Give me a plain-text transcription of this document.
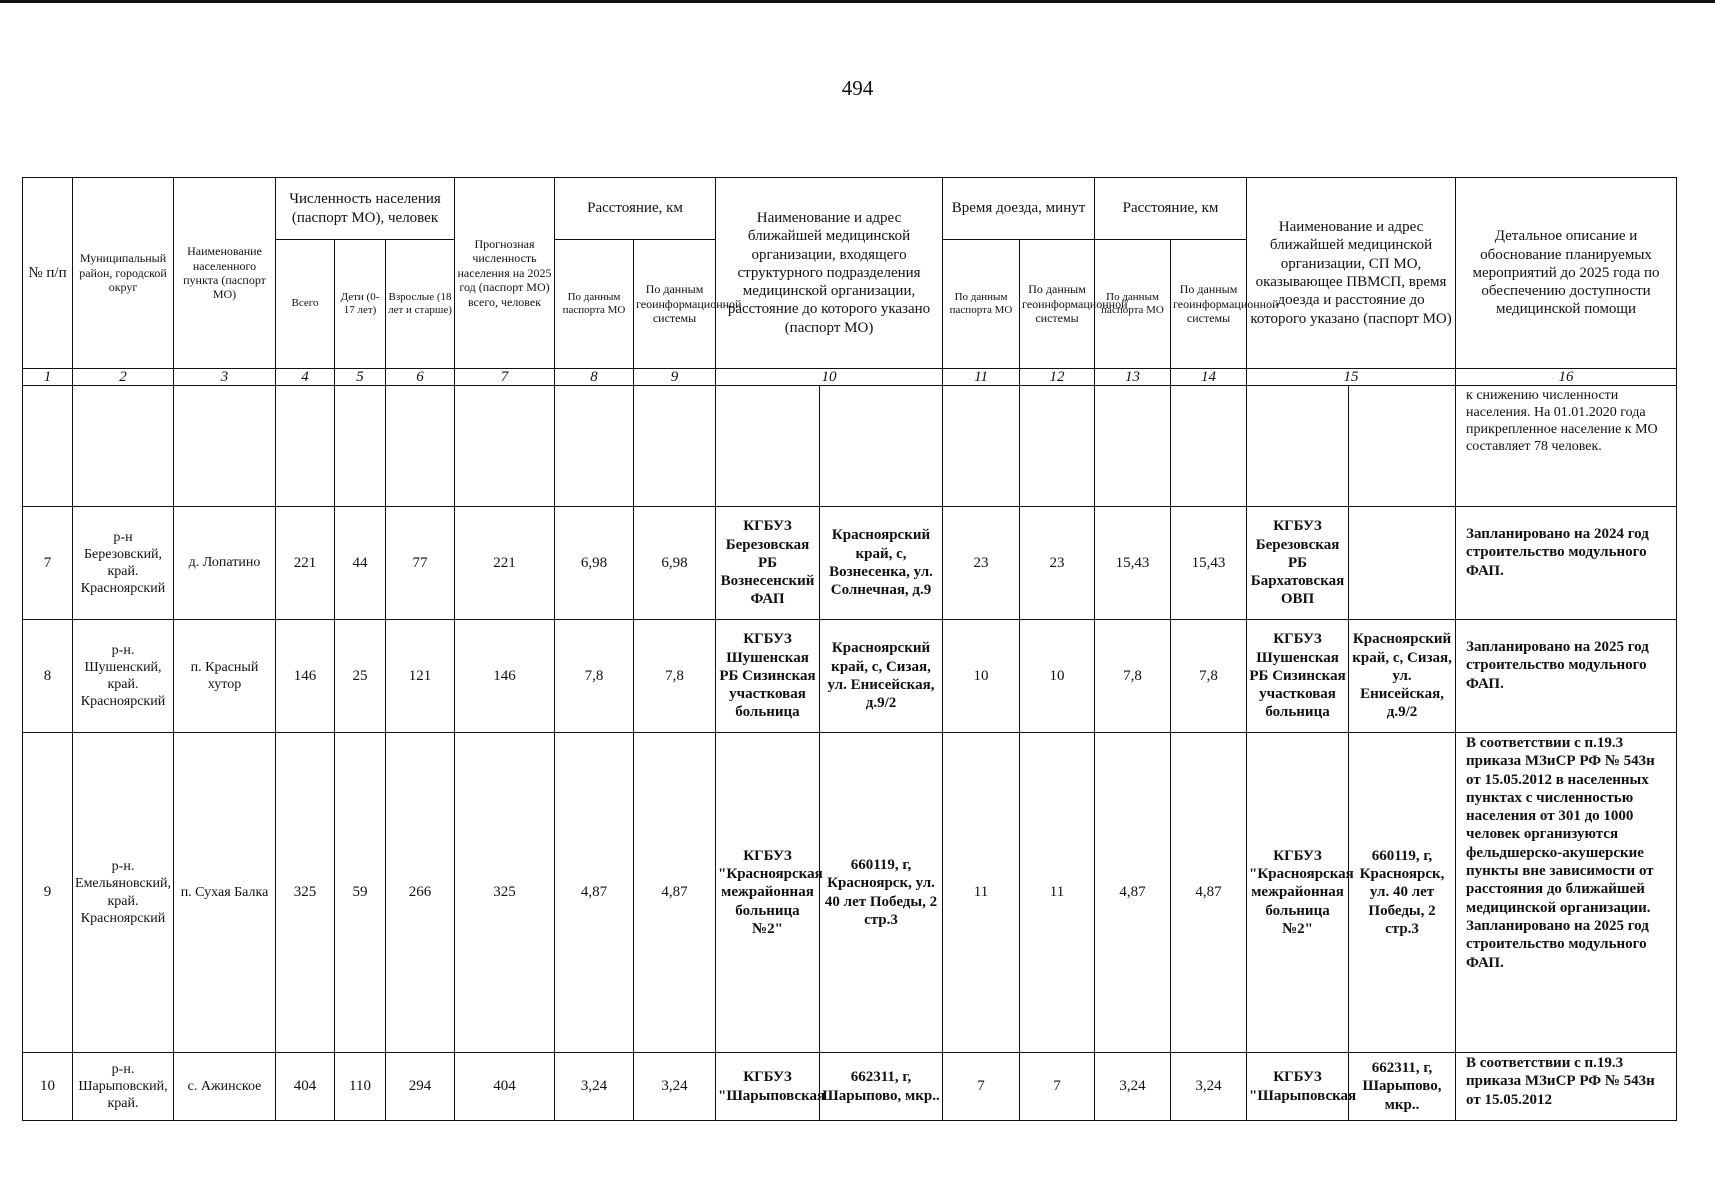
494
№ п/п	Муниципальный район, городской округ	Наименование населенного пункта (паспорт МО)	Численность населения (паспорт МО), человек			Прогнозная численность населения на 2025 год (паспорт МО) всего, человек	Расстояние, км		Наименование и адрес ближайшей медицинской организации, входящего структурного подразделения медицинской организации, расстояние до которого указано (паспорт МО)		Время доезда, минут		Расстояние, км		Наименование и адрес ближайшей медицинской организации, СП МО, оказывающее ПВМСП, время доезда и расстояние до которого указано (паспорт МО)		Детальное описание и обоснование планируемых мероприятий до 2025 года по обеспечению доступности медицинской помощи
			Всего	Дети (0-17 лет)	Взрослые (18 лет и старше)		По данным паспорта МО	По данным геоинформационной системы			По данным паспорта МО	По данным геоинформационной системы	По данным паспорта МО	По данным геоинформационной системы			
1	2	3	4	5	6	7	8	9	10		11	12	13	14	15		16
																	к снижению численности населения. На 01.01.2020 года прикрепленное население к МО составляет 78 человек.
7	р-н Березовский, край. Красноярский	д. Лопатино	221	44	77	221	6,98	6,98	КГБУЗ Березовская РБ Вознесенский ФАП	Красноярский край, с, Вознесенка, ул. Солнечная, д.9	23	23	15,43	15,43	КГБУЗ Березовская РБ Бархатовская ОВП		Запланировано на 2024 год строительство модульного ФАП.
8	р-н. Шушенский, край. Красноярский	п. Красный хутор	146	25	121	146	7,8	7,8	КГБУЗ Шушенская РБ Сизинская участковая больница	Красноярский край, с, Сизая, ул. Енисейская, д.9/2	10	10	7,8	7,8	КГБУЗ Шушенская РБ Сизинская участковая больница	Красноярский край, с, Сизая, ул. Енисейская, д.9/2	Запланировано на 2025 год строительство модульного ФАП.
9	р-н. Емельяновский, край. Красноярский	п. Сухая Балка	325	59	266	325	4,87	4,87	КГБУЗ "Красноярская межрайонная больница №2"	660119, г, Красноярск, ул. 40 лет Победы, 2 стр.3	11	11	4,87	4,87	КГБУЗ "Красноярская межрайонная больница №2"	660119, г, Красноярск, ул. 40 лет Победы, 2 стр.3	В соответствии с п.19.3 приказа МЗиСР РФ № 543н от 15.05.2012 в населенных пунктах с численностью населения от 301 до 1000 человек организуются фельдшерско-акушерские пункты вне зависимости от расстояния до ближайшей медицинской организации. Запланировано на 2025 год строительство модульного ФАП.
10	р-н. Шарыповский, край.	с. Ажинское	404	110	294	404	3,24	3,24	КГБУЗ "Шарыповская	662311, г, Шарыпово, мкр..	7	7	3,24	3,24	КГБУЗ "Шарыповская	662311, г, Шарыпово, мкр..	В соответствии с п.19.3 приказа МЗиСР РФ № 543н от 15.05.2012
